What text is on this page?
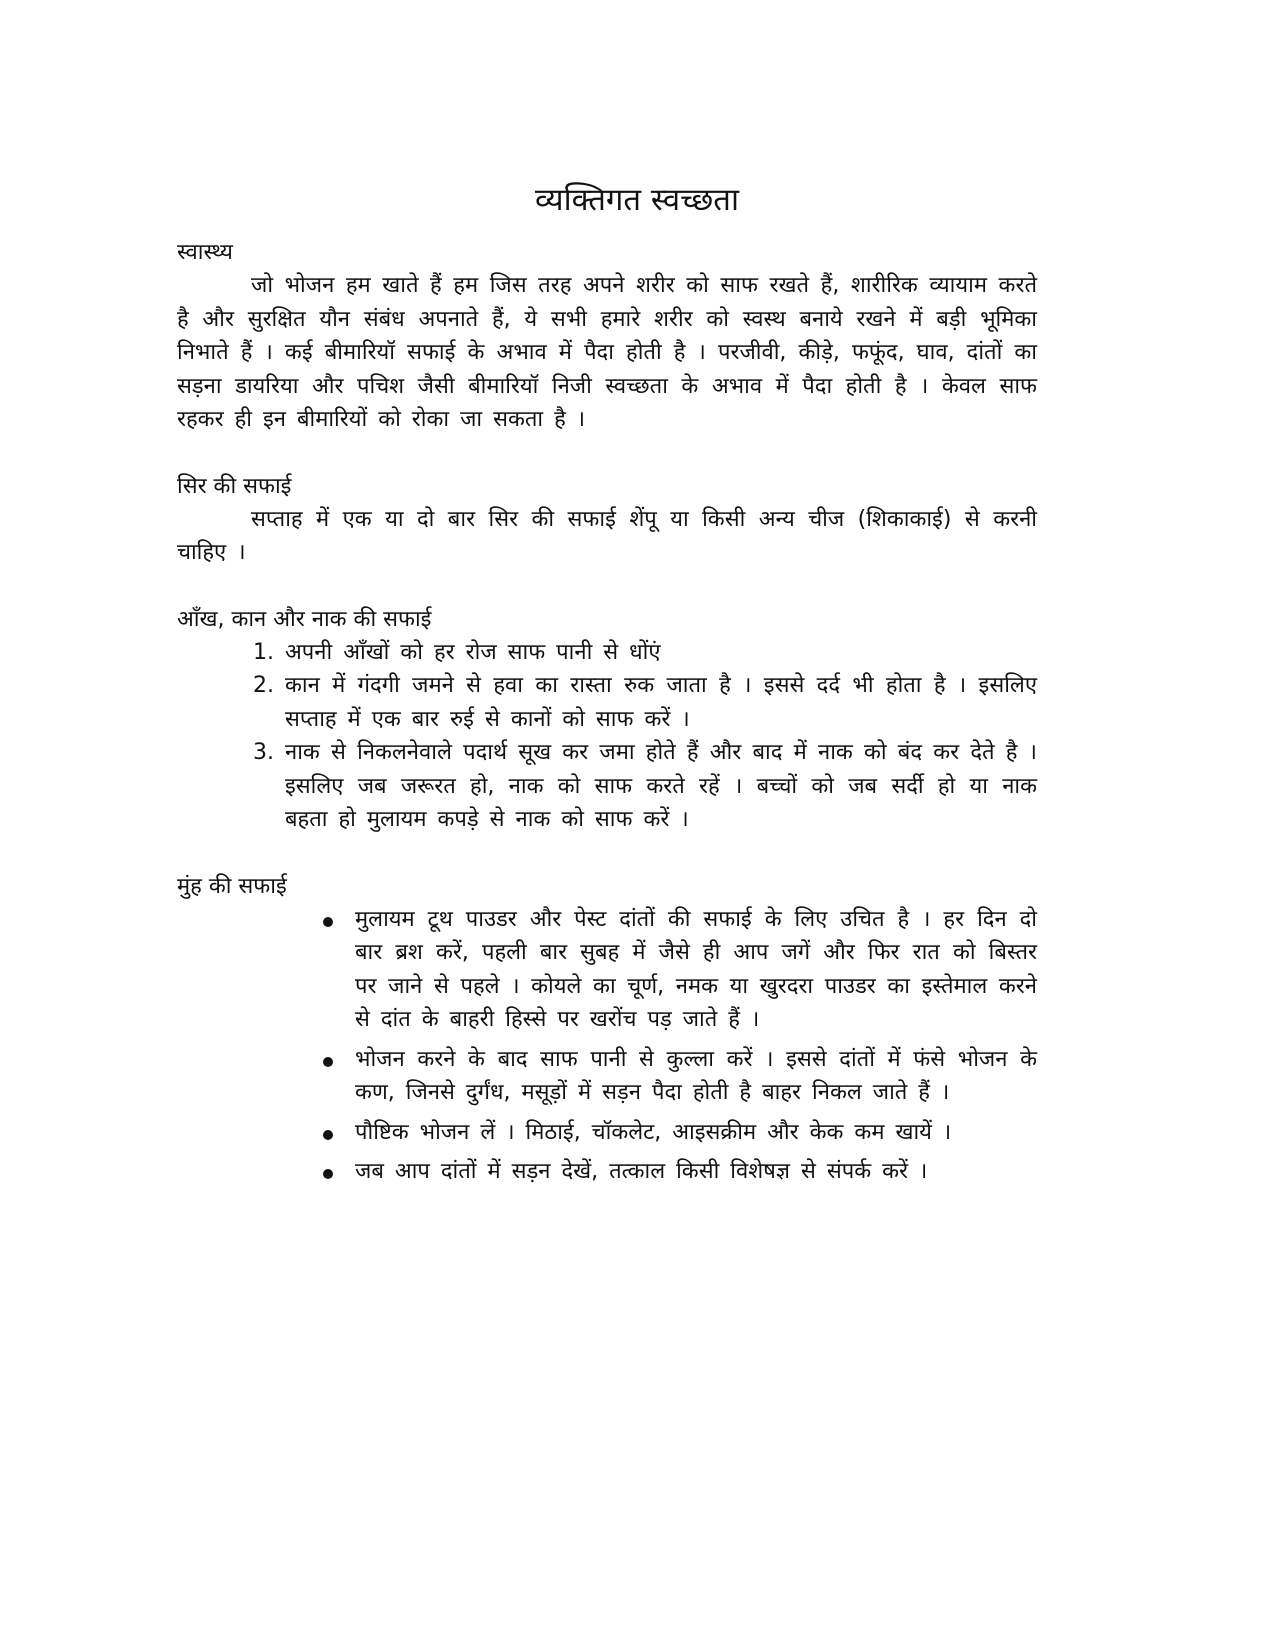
व्यक्तिगत स्वच्छता
स्वास्थ्य

जो भोजन हम खाते हैं हम जिस तरह अपने शरीर को साफ रखते हैं, शारीरिक व्यायाम करते है और सुरक्षित यौन संबंध अपनाते हैं, ये सभी हमारे शरीर को स्वस्थ बनाये रखने में बड़ी भूमिका निभाते हैं । कई बीमारियॉ सफाई के अभाव में पैदा होती है । परजीवी, कीड़े, फफूंद, घाव, दांतों का सड़ना डायरिया और पचिश जैसी बीमारियॉ निजी स्वच्छता के अभाव में पैदा होती है । केवल साफ रहकर ही इन बीमारियों को रोका जा सकता है ।

सिर की सफाई

सप्ताह में एक या दो बार सिर की सफाई शेंपू या किसी अन्य चीज (शिकाकाई) से करनी चाहिए ।

आँख, कान और नाक की सफाई
1. अपनी आँखों को हर रोज साफ पानी से धोंएं
2. कान में गंदगी जमने से हवा का रास्ता रुक जाता है । इससे दर्द भी होता है । इसलिए सप्ताह में एक बार रुई से कानों को साफ करें ।
3. नाक से निकलनेवाले पदार्थ सूख कर जमा होते हैं और बाद में नाक को बंद कर देते है । इसलिए जब जरूरत हो, नाक को साफ करते रहें । बच्चों को जब सर्दी हो या नाक बहता हो मुलायम कपड़े से नाक को साफ करें ।
मुंह की सफाई
मुलायम टूथ पाउडर और पेस्ट दांतों की सफाई के लिए उचित है । हर दिन दो बार ब्रश करें, पहली बार सुबह में जैसे ही आप जगें और फिर रात को बिस्तर पर जाने से पहले । कोयले का चूर्ण, नमक या खुरदरा पाउडर का इस्तेमाल करने से दांत के बाहरी हिस्से पर खरोंच पड़ जाते हैं ।
भोजन करने के बाद साफ पानी से कुल्ला करें । इससे दांतों में फंसे भोजन के कण, जिनसे दुर्गंध, मसूड़ों में सड़न पैदा होती है बाहर निकल जाते हैं ।
पौष्टिक भोजन लें । मिठाई, चॉकलेट, आइसक्रीम और केक कम खायें ।
जब आप दांतों में सड़न देखें, तत्काल किसी विशेषज्ञ से संपर्क करें ।
